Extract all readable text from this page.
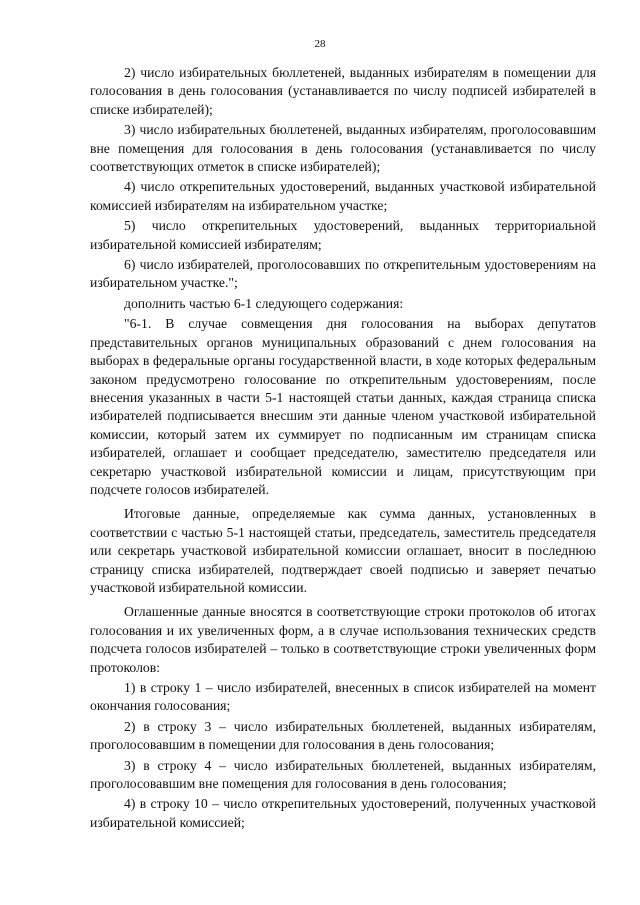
28

2) число избирательных бюллетеней, выданных избирателям в помещении для голосования в день голосования (устанавливается по числу подписей избирателей в списке избирателей);

3) число избирательных бюллетеней, выданных избирателям, проголосовавшим вне помещения для голосования в день голосования (устанавливается по числу соответствующих отметок в списке избирателей);

4) число открепительных удостоверений, выданных участковой избирательной комиссией избирателям на избирательном участке;

5) число открепительных удостоверений, выданных территориальной избирательной комиссией избирателям;

6) число избирателей, проголосовавших по открепительным удостоверениям на избирательном участке.";

дополнить частью 6-1 следующего содержания:

"6-1. В случае совмещения дня голосования на выборах депутатов представительных органов муниципальных образований с днем голосования на выборах в федеральные органы государственной власти, в ходе которых федеральным законом предусмотрено голосование по открепительным удостоверениям, после внесения указанных в части 5-1 настоящей статьи данных, каждая страница списка избирателей подписывается внесшим эти данные членом участковой избирательной комиссии, который затем их суммирует по подписанным им страницам списка избирателей, оглашает и сообщает председателю, заместителю председателя или секретарю участковой избирательной комиссии и лицам, присутствующим при подсчете голосов избирателей.

Итоговые данные, определяемые как сумма данных, установленных в соответствии с частью 5-1 настоящей статьи, председатель, заместитель председателя или секретарь участковой избирательной комиссии оглашает, вносит в последнюю страницу списка избирателей, подтверждает своей подписью и заверяет печатью участковой избирательной комиссии.

Оглашенные данные вносятся в соответствующие строки протоколов об итогах голосования и их увеличенных форм, а в случае использования технических средств подсчета голосов избирателей – только в соответствующие строки увеличенных форм протоколов:

1) в строку 1 – число избирателей, внесенных в список избирателей на момент окончания голосования;

2) в строку 3 – число избирательных бюллетеней, выданных избирателям, проголосовавшим в помещении для голосования в день голосования;

3) в строку 4 – число избирательных бюллетеней, выданных избирателям, проголосовавшим вне помещения для голосования в день голосования;

4) в строку 10 – число открепительных удостоверений, полученных участковой избирательной комиссией;
